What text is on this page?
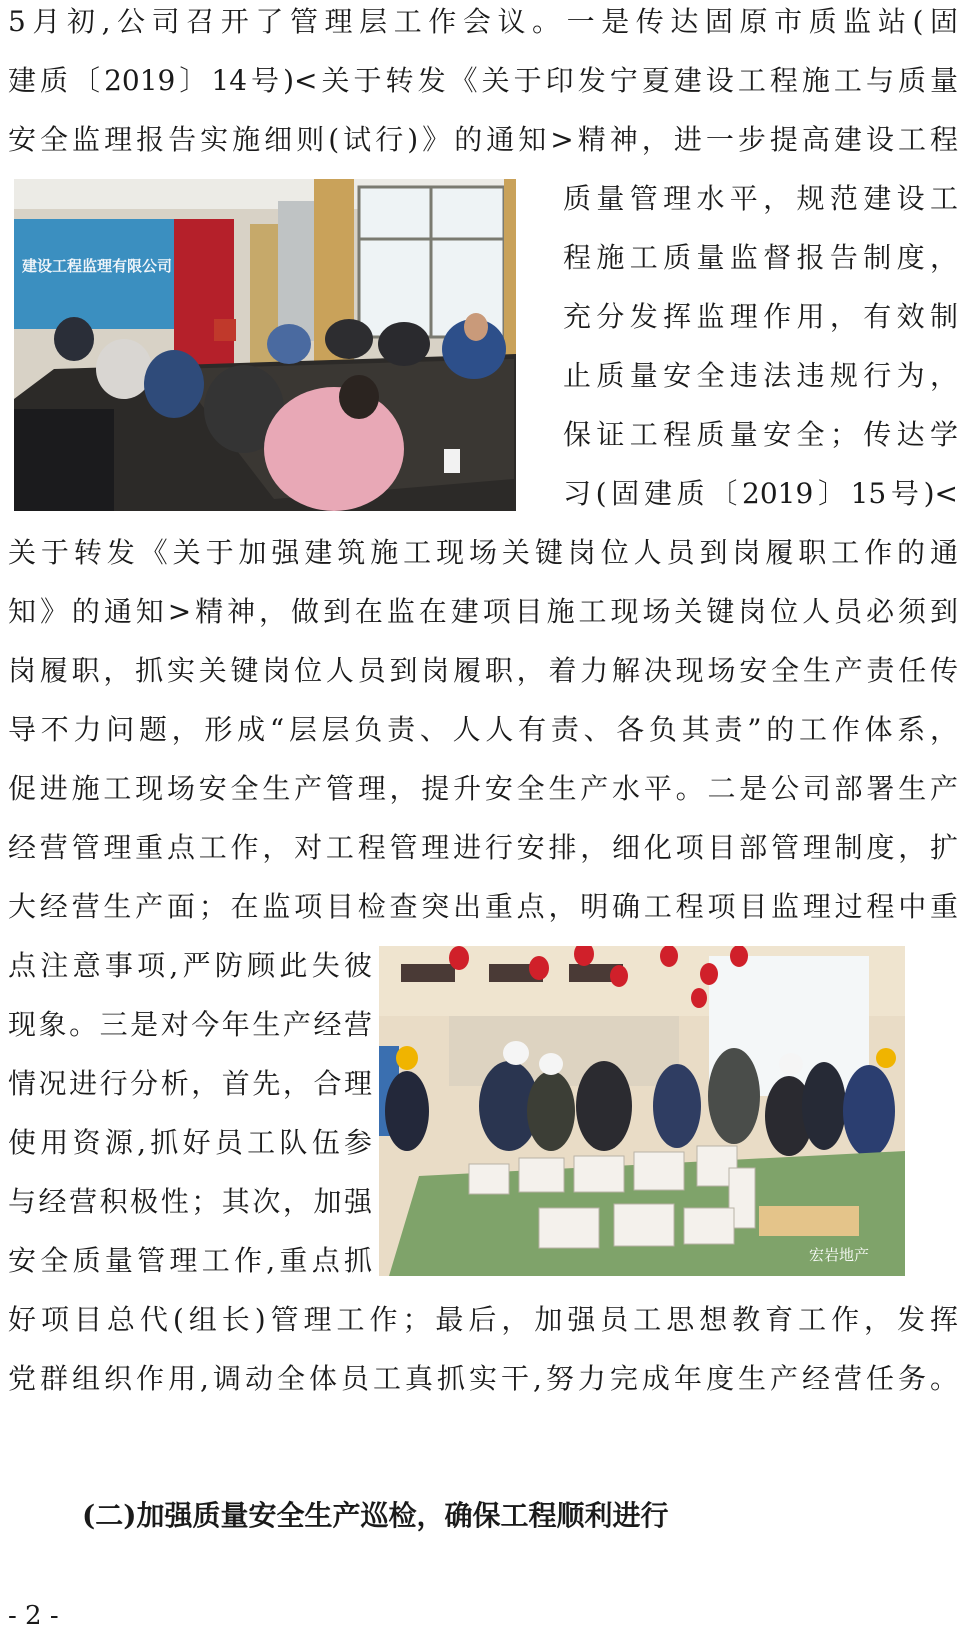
5月初,公司召开了管理层工作会议。一是传达固原市质监站(固
建质〔2019〕14号)<关于转发《关于印发宁夏建设工程施工与质量
安全监理报告实施细则(试行)》的通知>精神，进一步提高建设工程
建设工程监理有限公司
质量管理水平，规范建设工
程施工质量监督报告制度，
充分发挥监理作用，有效制
止质量安全违法违规行为，
保证工程质量安全；传达学
习(固建质〔2019〕15号)<
关于转发《关于加强建筑施工现场关键岗位人员到岗履职工作的通
知》的通知>精神，做到在监在建项目施工现场关键岗位人员必须到
岗履职，抓实关键岗位人员到岗履职，着力解决现场安全生产责任传
导不力问题，形成“层层负责、人人有责、各负其责”的工作体系，
促进施工现场安全生产管理，提升安全生产水平。二是公司部署生产
经营管理重点工作，对工程管理进行安排，细化项目部管理制度，扩
大经营生产面；在监项目检查突出重点，明确工程项目监理过程中重
点注意事项,严防顾此失彼
现象。三是对今年生产经营
情况进行分析，首先，合理
使用资源,抓好员工队伍参
与经营积极性；其次，加强
安全质量管理工作,重点抓	宏岩地产
好项目总代(组长)管理工作；最后，加强员工思想教育工作，发挥
党群组织作用,调动全体员工真抓实干,努力完成年度生产经营任务。
(二)加强质量安全生产巡检，确保工程顺利进行
- 2 -
